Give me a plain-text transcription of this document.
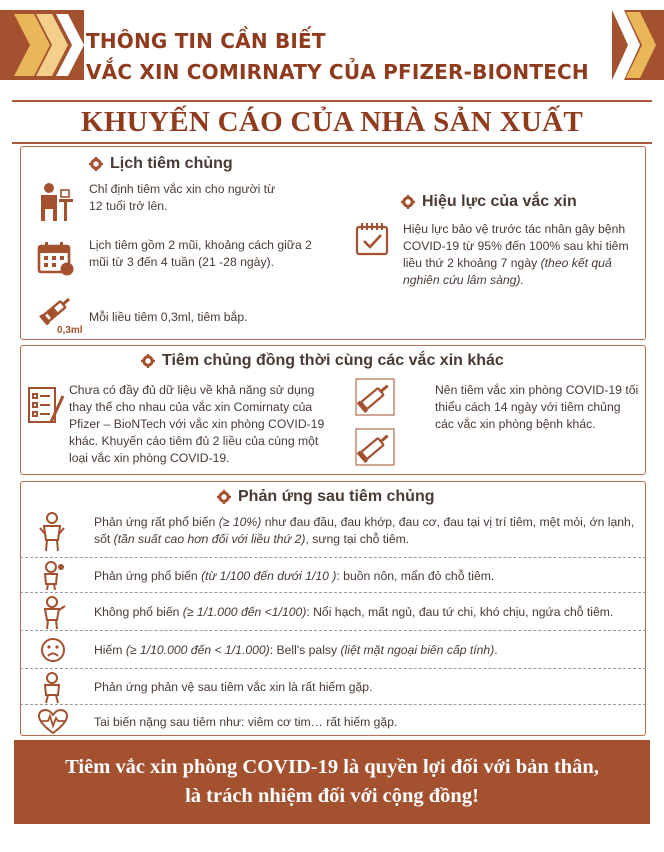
THÔNG TIN CẦN BIẾT
VẮC XIN COMIRNATY CỦA PFIZER-BIONTECH
KHUYẾN CÁO CỦA NHÀ SẢN XUẤT
Lịch tiêm chủng
Chỉ định tiêm vắc xin cho người từ 12 tuổi trở lên.
Lịch tiêm gồm 2 mũi, khoảng cách giữa 2 mũi từ 3 đến 4 tuần (21 -28 ngày).
0,3ml
Mỗi liều tiêm 0,3ml, tiêm bắp.
Hiệu lực của vắc xin
Hiệu lực bảo vệ trước tác nhân gây bệnh COVID-19 từ 95% đến 100% sau khi tiêm liều thứ 2 khoảng 7 ngày (theo kết quả nghiên cứu lâm sàng).
Tiêm chủng đồng thời cùng các vắc xin khác
Chưa có đầy đủ dữ liệu về khả năng sử dụng thay thế cho nhau của vắc xin Comirnaty của Pfizer – BioNTech với vắc xin phòng COVID-19 khác. Khuyến cáo tiêm đủ 2 liều của cùng một loại vắc xin phòng COVID-19.
Nên tiêm vắc xin phòng COVID-19 tối thiểu cách 14 ngày với tiêm chủng các vắc xin phòng bệnh khác.
Phản ứng sau tiêm chủng
Phản ứng rất phổ biến (≥ 10%) như đau đầu, đau khớp, đau cơ, đau tại vị trí tiêm, mệt mỏi, ớn lạnh, sốt (tần suất cao hơn đối với liều thứ 2), sưng tại chỗ tiêm.
Phản ứng phổ biến (từ 1/100 đến dưới 1/10 ): buồn nôn, mẩn đỏ chỗ tiêm.
Không phổ biến (≥ 1/1.000 đến <1/100): Nổi hạch, mất ngủ, đau tứ chi, khó chịu, ngứa chỗ tiêm.
Hiếm (≥ 1/10.000 đến < 1/1.000): Bell's palsy (liệt mặt ngoại biên cấp tính).
Phản ứng phản vệ sau tiêm vắc xin là rất hiếm gặp.
Tai biến nặng sau tiêm như: viêm cơ tim… rất hiếm gặp.
Tiêm vắc xin phòng COVID-19 là quyền lợi đối với bản thân,
là trách nhiệm đối với cộng đồng!
